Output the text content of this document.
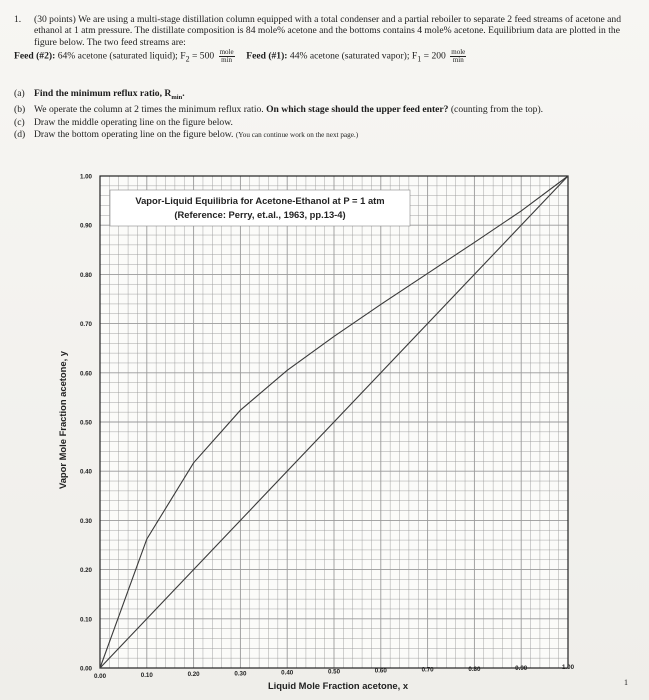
1. (30 points) We are using a multi-stage distillation column equipped with a total condenser and a partial reboiler to separate 2 feed streams of acetone and ethanol at 1 atm pressure. The distillate composition is 84 mole% acetone and the bottoms contains 4 mole% acetone. Equilibrium data are plotted in the figure below. The two feed streams are:
Feed (#2): 64% acetone (saturated liquid); $F_2 = 500 \frac{\text{mole}}{\min}$ Feed (#1): 44% acetone (saturated vapor); $F_1 = 200 \frac{\text{mole}}{\min}$
(a) Find the minimum reflux ratio, $R_{min}$.
(b) We operate the column at 2 times the minimum reflux ratio. On which stage should the upper feed enter? (counting from the top).
(c) Draw the middle operating line on the figure below.
(d) Draw the bottom operating line on the figure below. (You can continue work on the next page.)
0.00
0.10
0.20
0.30
0.40
0.50
0.60
0.70
0.80
0.90
1.00
0.00	0.10	0.20	0.30	0.40	0.50	0.60	0.70	0.80	0.90	1.00
Vapor-Liquid Equilibria for Acetone-Ethanol at P = 1 atm
(Reference: Perry, et.al., 1963, pp.13-4)
Liquid Mole Fraction acetone, x
Vapor Mole Fraction acetone, y
1
